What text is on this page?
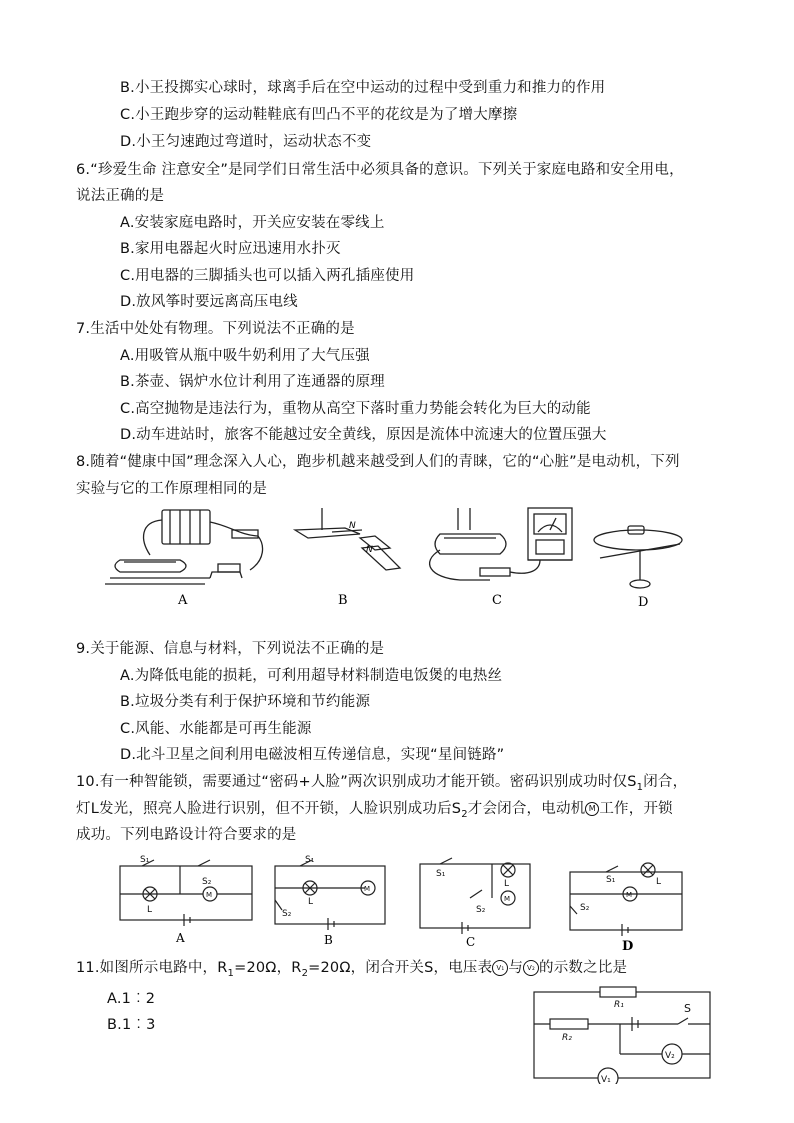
B.小王投掷实心球时，球离手后在空中运动的过程中受到重力和推力的作用
C.小王跑步穿的运动鞋鞋底有凹凸不平的花纹是为了增大摩擦
D.小王匀速跑过弯道时，运动状态不变
6.“珍爱生命 注意安全”是同学们日常生活中必须具备的意识。下列关于家庭电路和安全用电，
说法正确的是
A.安装家庭电路时，开关应安装在零线上
B.家用电器起火时应迅速用水扑灭
C.用电器的三脚插头也可以插入两孔插座使用
D.放风筝时要远离高压电线
7.生活中处处有物理。下列说法不正确的是
A.用吸管从瓶中吸牛奶利用了大气压强
B.茶壶、锅炉水位计利用了连通器的原理
C.高空抛物是违法行为，重物从高空下落时重力势能会转化为巨大的动能
D.动车进站时，旅客不能越过安全黄线，原因是流体中流速大的位置压强大
8.随着“健康中国”理念深入人心，跑步机越来越受到人们的青睐，它的“心脏”是电动机，下列
实验与它的工作原理相同的是
N
N
A	B	C	D
9.关于能源、信息与材料，下列说法不正确的是
A.为降低电能的损耗，可利用超导材料制造电饭煲的电热丝
B.垃圾分类有利于保护环境和节约能源
C.风能、水能都是可再生能源
D.北斗卫星之间利用电磁波相互传递信息，实现“星间链路”
10.有一种智能锁，需要通过“密码+人脸”两次识别成功才能开锁。密码识别成功时仅$S_1$闭合，
灯L发光，照亮人脸进行识别，但不开锁，人脸识别成功后$S_2$才会闭合，电动机 M 工作，开锁
成功。下列电路设计符合要求的是
S₁
S₂
L
M
S₁
L
M
S₂
S₁
L
S₂
M
S₁	L
M
S₂
A	B	C	D
11.如图所示电路中，$R_1=20\Omega$，$R_2=20\Omega$，闭合开关S，电压表 V₁ 与 V₂ 的示数之比是
A.1︰2
B.1︰3
R₁
R₂
S
V₂
V₁
